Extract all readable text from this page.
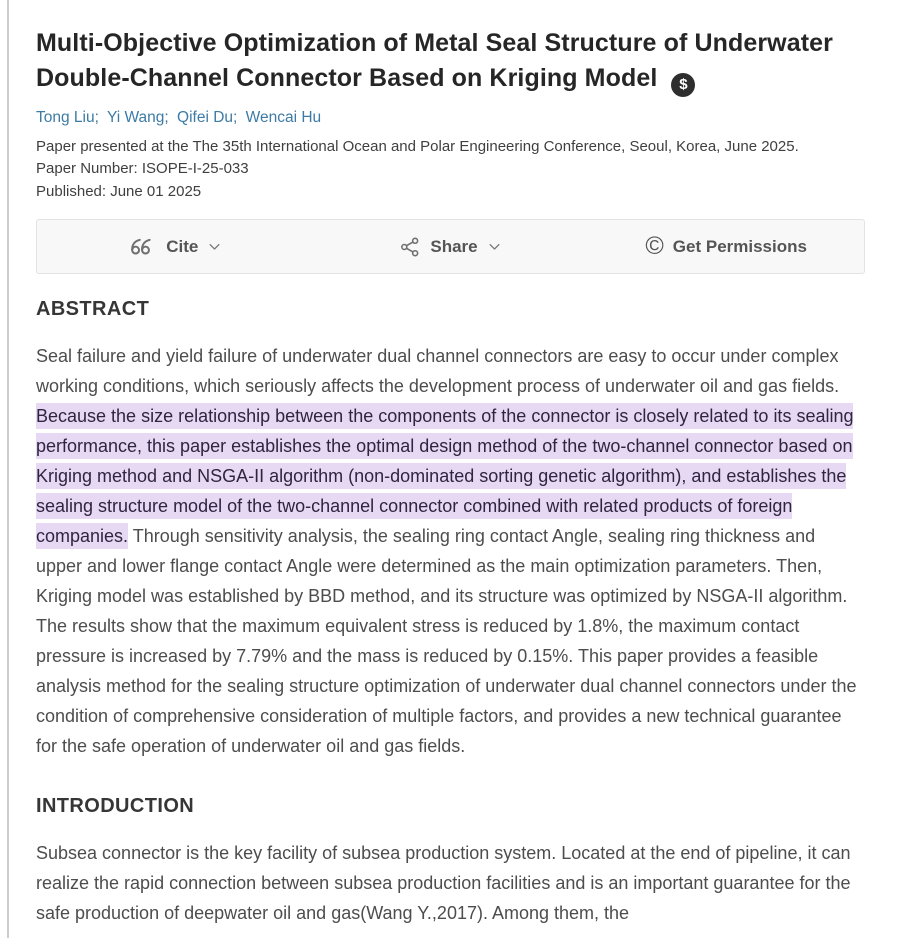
Multi-Objective Optimization of Metal Seal Structure of Underwater Double-Channel Connector Based on Kriging Model $
Tong Liu; Yi Wang; Qifei Du; Wencai Hu

Paper presented at the The 35th International Ocean and Polar Engineering Conference, Seoul, Korea, June 2025.

Paper Number: ISOPE-I-25-033

Published: June 01 2025

Cite	Share	© Get Permissions
ABSTRACT

Seal failure and yield failure of underwater dual channel connectors are easy to occur under complex working conditions, which seriously affects the development process of underwater oil and gas fields. Because the size relationship between the components of the connector is closely related to its sealing performance, this paper establishes the optimal design method of the two-channel connector based on Kriging method and NSGA-II algorithm (non-dominated sorting genetic algorithm), and establishes the sealing structure model of the two-channel connector combined with related products of foreign companies. Through sensitivity analysis, the sealing ring contact Angle, sealing ring thickness and upper and lower flange contact Angle were determined as the main optimization parameters. Then, Kriging model was established by BBD method, and its structure was optimized by NSGA-II algorithm. The results show that the maximum equivalent stress is reduced by 1.8%, the maximum contact pressure is increased by 7.79% and the mass is reduced by 0.15%. This paper provides a feasible analysis method for the sealing structure optimization of underwater dual channel connectors under the condition of comprehensive consideration of multiple factors, and provides a new technical guarantee for the safe operation of underwater oil and gas fields.

INTRODUCTION

Subsea connector is the key facility of subsea production system. Located at the end of pipeline, it can realize the rapid connection between subsea production facilities and is an important guarantee for the safe production of deepwater oil and gas(Wang Y.,2017). Among them, the
